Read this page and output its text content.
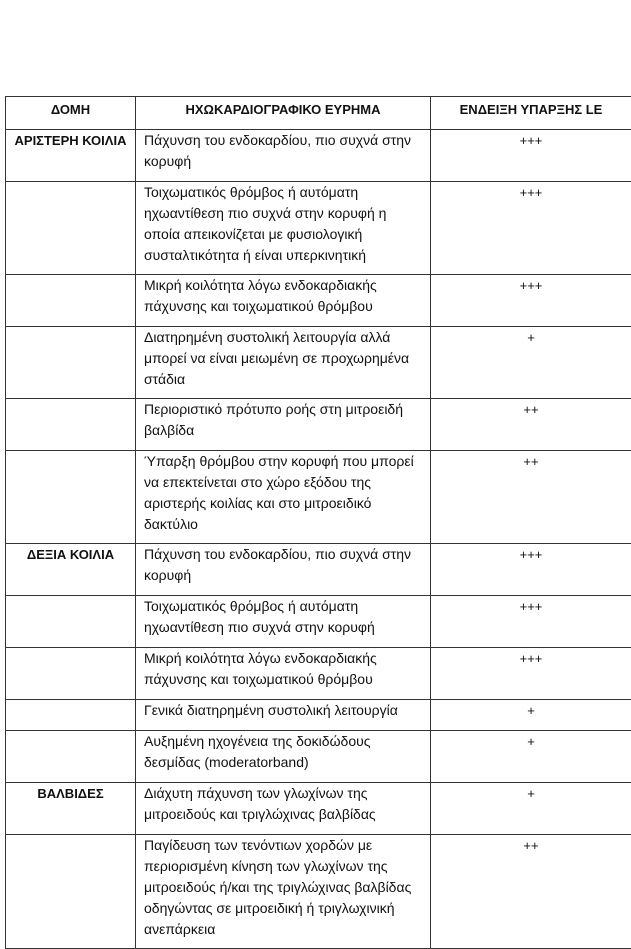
ΔΟΜΗ	ΗΧΩΚΑΡΔΙΟΓΡΑΦΙΚΟ ΕΥΡΗΜΑ	ΕΝΔΕΙΞΗ ΥΠΑΡΞΗΣ LE
ΑΡΙΣΤΕΡΗ ΚΟΙΛΙΑ	Πάχυνση του ενδοκαρδίου, πιο συχνά στην κορυφή	+++
	Τοιχωματικός θρόμβος ή αυτόματη ηχωαντίθεση πιο συχνά στην κορυφή η οποία απεικονίζεται με φυσιολογική συσταλτικότητα ή είναι υπερκινητική	+++
	Μικρή κοιλότητα λόγω ενδοκαρδιακής πάχυνσης και τοιχωματικού θρόμβου	+++
	Διατηρημένη συστολική λειτουργία αλλά μπορεί να είναι μειωμένη σε προχωρημένα στάδια	+
	Περιοριστικό πρότυπο ροής στη μιτροειδή βαλβίδα	++
	Ύπαρξη θρόμβου στην κορυφή που μπορεί να επεκτείνεται στο χώρο εξόδου της αριστερής κοιλίας και στο μιτροειδικό δακτύλιο	++
ΔΕΞΙΑ ΚΟΙΛΙΑ	Πάχυνση του ενδοκαρδίου, πιο συχνά στην κορυφή	+++
	Τοιχωματικός θρόμβος ή αυτόματη ηχωαντίθεση πιο συχνά στην κορυφή	+++
	Μικρή κοιλότητα λόγω ενδοκαρδιακής πάχυνσης και τοιχωματικού θρόμβου	+++
	Γενικά διατηρημένη συστολική λειτουργία	+
	Αυξημένη ηχογένεια της δοκιδώδους δεσμίδας (moderatorband)	+
ΒΑΛΒΙΔΕΣ	Διάχυτη πάχυνση των γλωχίνων της μιτροειδούς και τριγλώχινας βαλβίδας	+
	Παγίδευση των τενόντιων χορδών με περιορισμένη κίνηση των γλωχίνων της μιτροειδούς ή/και της τριγλώχινας βαλβίδας οδηγώντας σε μιτροειδική ή τριγλωχινική ανεπάρκεια	++
